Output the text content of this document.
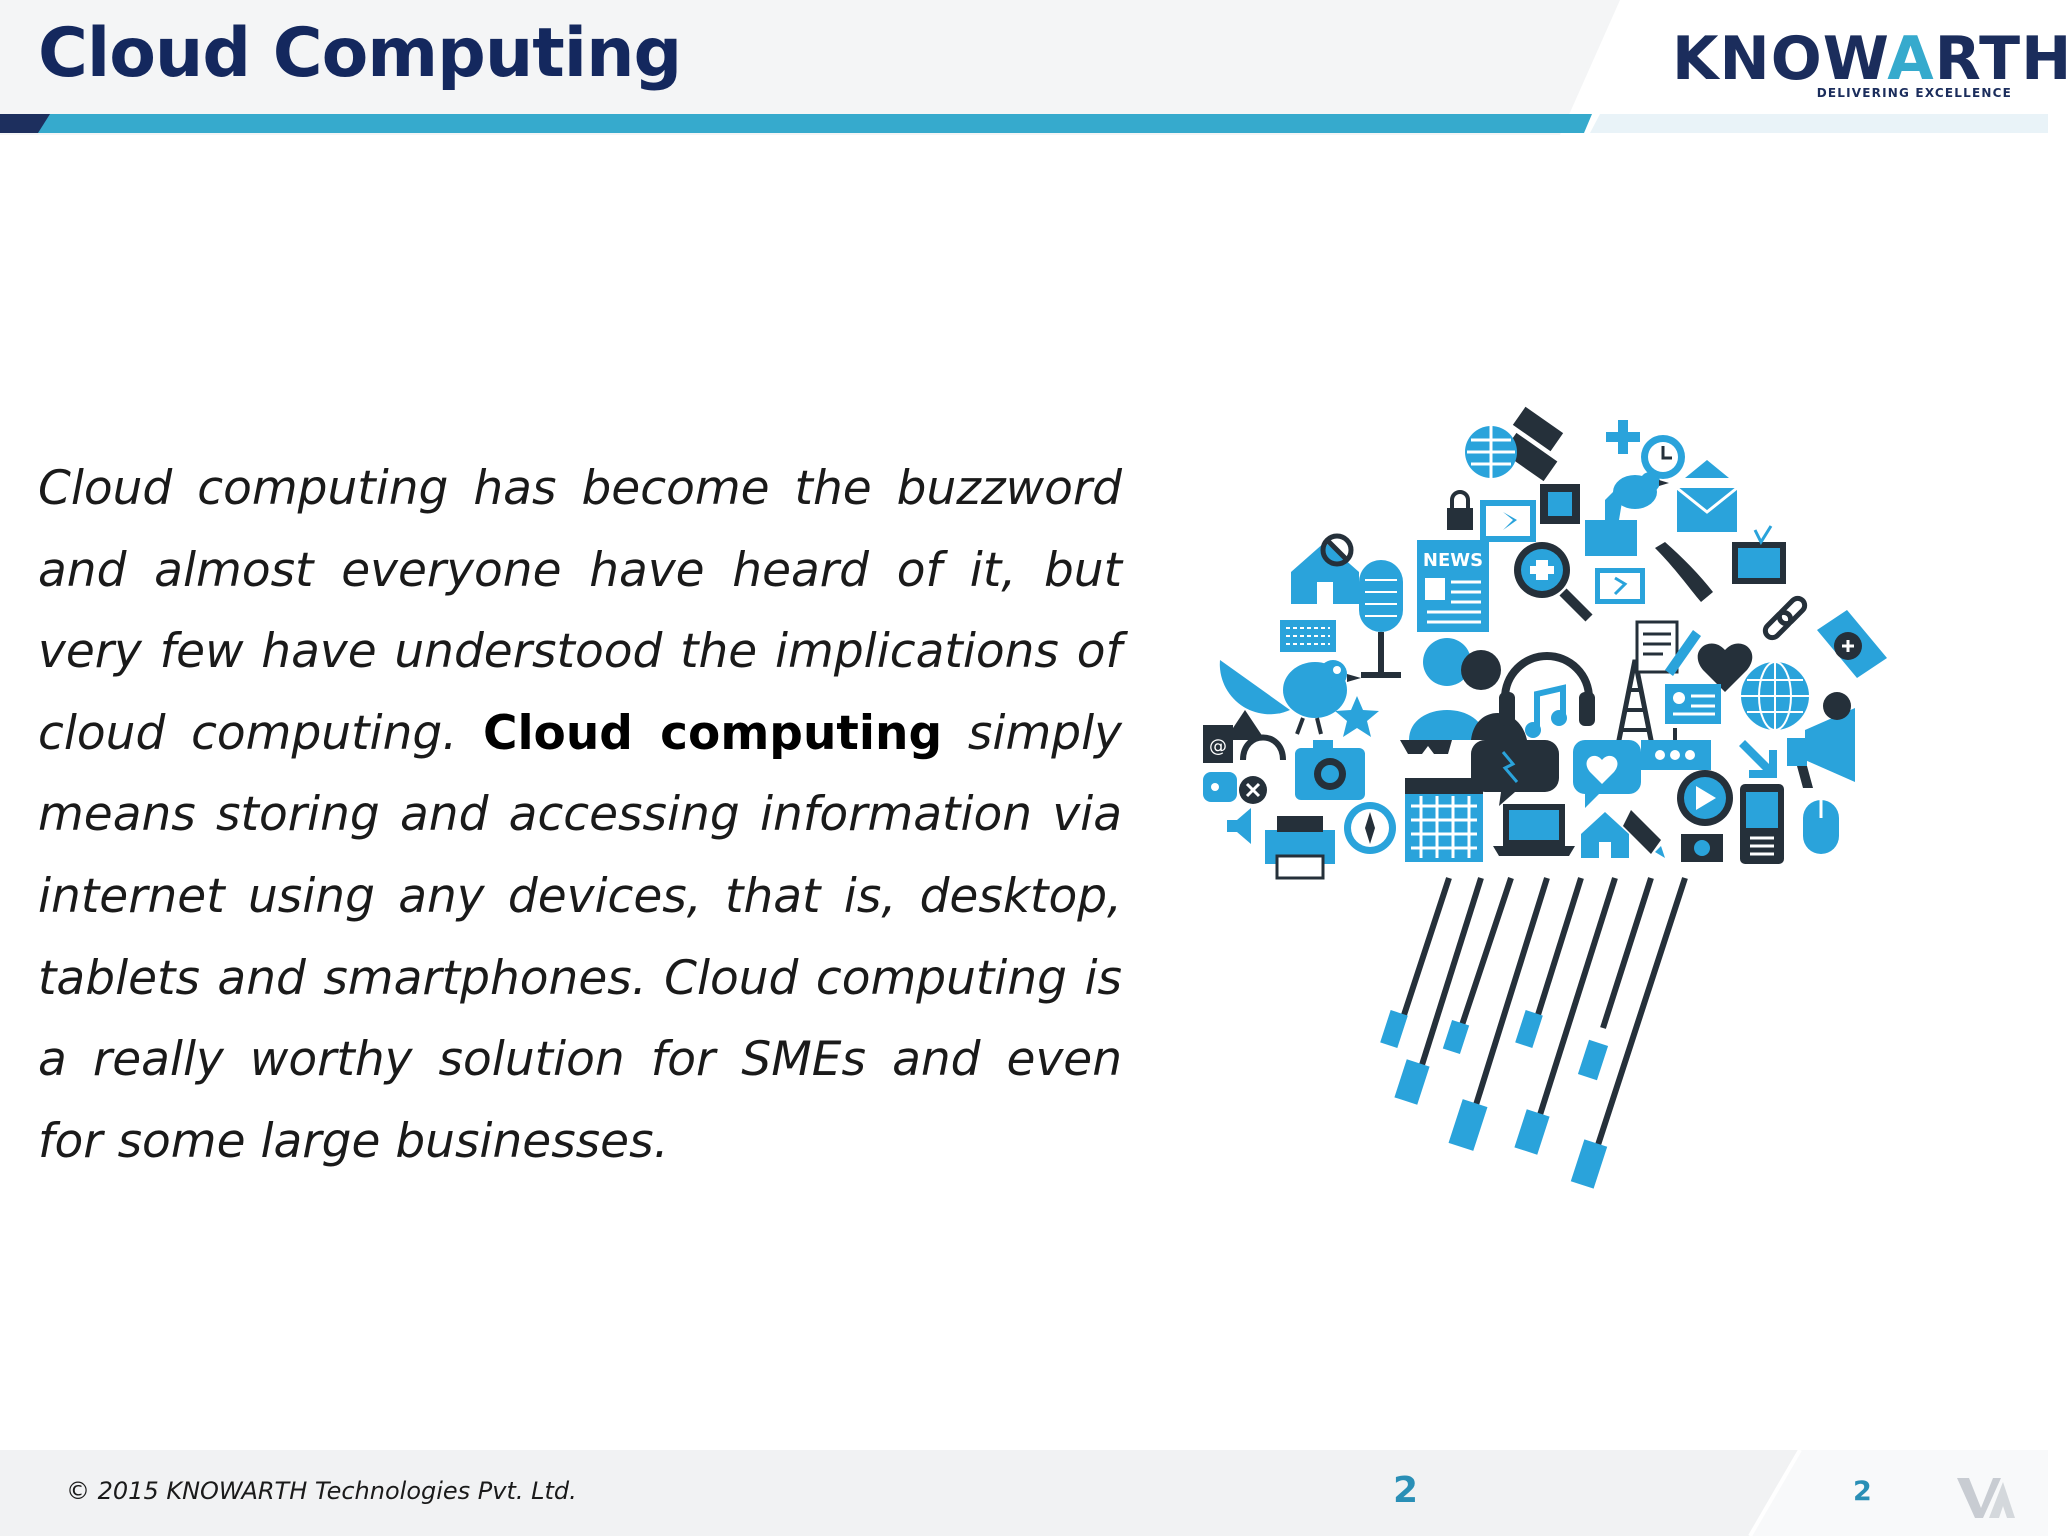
Cloud Computing	KNOWARTH
DELIVERING EXCELLENCE

Cloud computing has become the buzzword and almost everyone have heard of it, but very few have understood the implications of cloud computing. Cloud computing simply means storing and accessing information via internet using any devices, that is, desktop, tablets and smartphones. Cloud computing is a really worthy solution for SMEs and even for some large businesses.

NEWS
@
© 2015 KNOWARTH Technologies Pvt. Ltd.	2	2
